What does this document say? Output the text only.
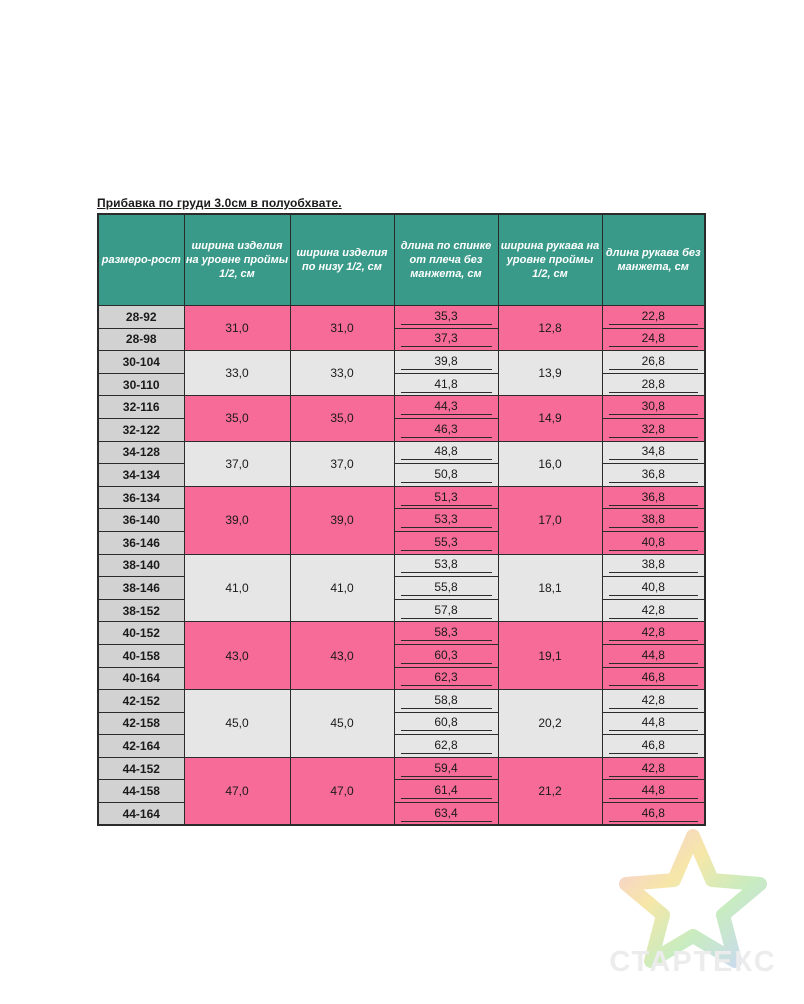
Прибавка по груди 3.0см в полуобхвате.
размеро-рост	ширина изделия на уровне проймы 1/2, см	ширина изделия по низу 1/2, см	длина по спинке от плеча без манжета, см	ширина рукава на уровне проймы 1/2, см	длина рукава без манжета, см
28-92	31,0	31,0	35,3	12,8	22,8

28-98			37,3		24,8

30-104	33,0	33,0	39,8	13,9	26,8

30-110			41,8		28,8

32-116	35,0	35,0	44,3	14,9	30,8

32-122			46,3		32,8

34-128	37,0	37,0	48,8	16,0	34,8

34-134			50,8		36,8

36-134	39,0	39,0	51,3	17,0	36,8

36-140			53,3		38,8

36-146			55,3		40,8

38-140	41,0	41,0	53,8	18,1	38,8

38-146			55,8		40,8

38-152			57,8		42,8

40-152	43,0	43,0	58,3	19,1	42,8

40-158			60,3		44,8

40-164			62,3		46,8

42-152	45,0	45,0	58,8	20,2	42,8

42-158			60,8		44,8

42-164			62,8		46,8

44-152	47,0	47,0	59,4	21,2	42,8

44-158			61,4		44,8

44-164			63,4		46,8
СТАРТЕКС
